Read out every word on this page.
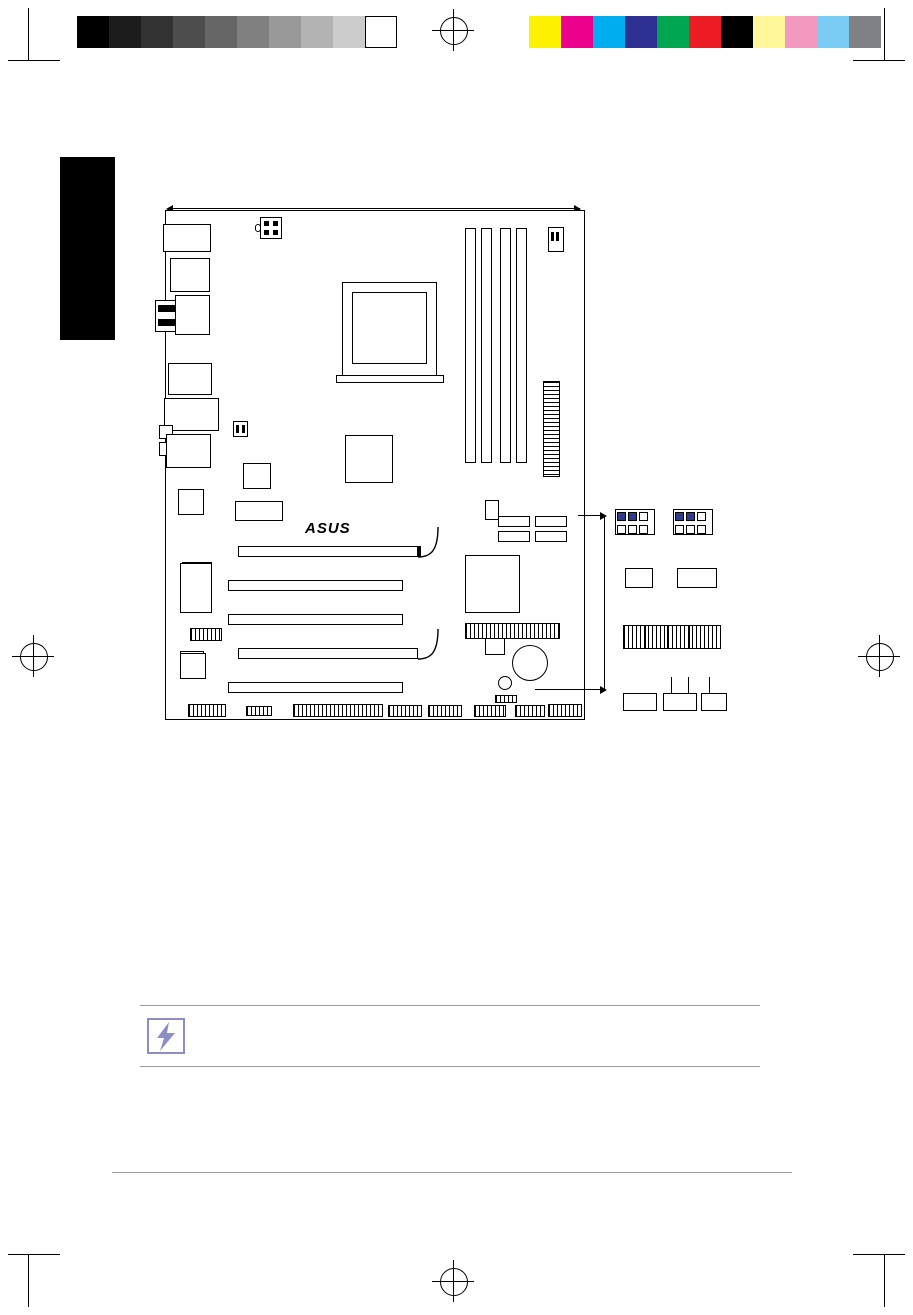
ASUS
